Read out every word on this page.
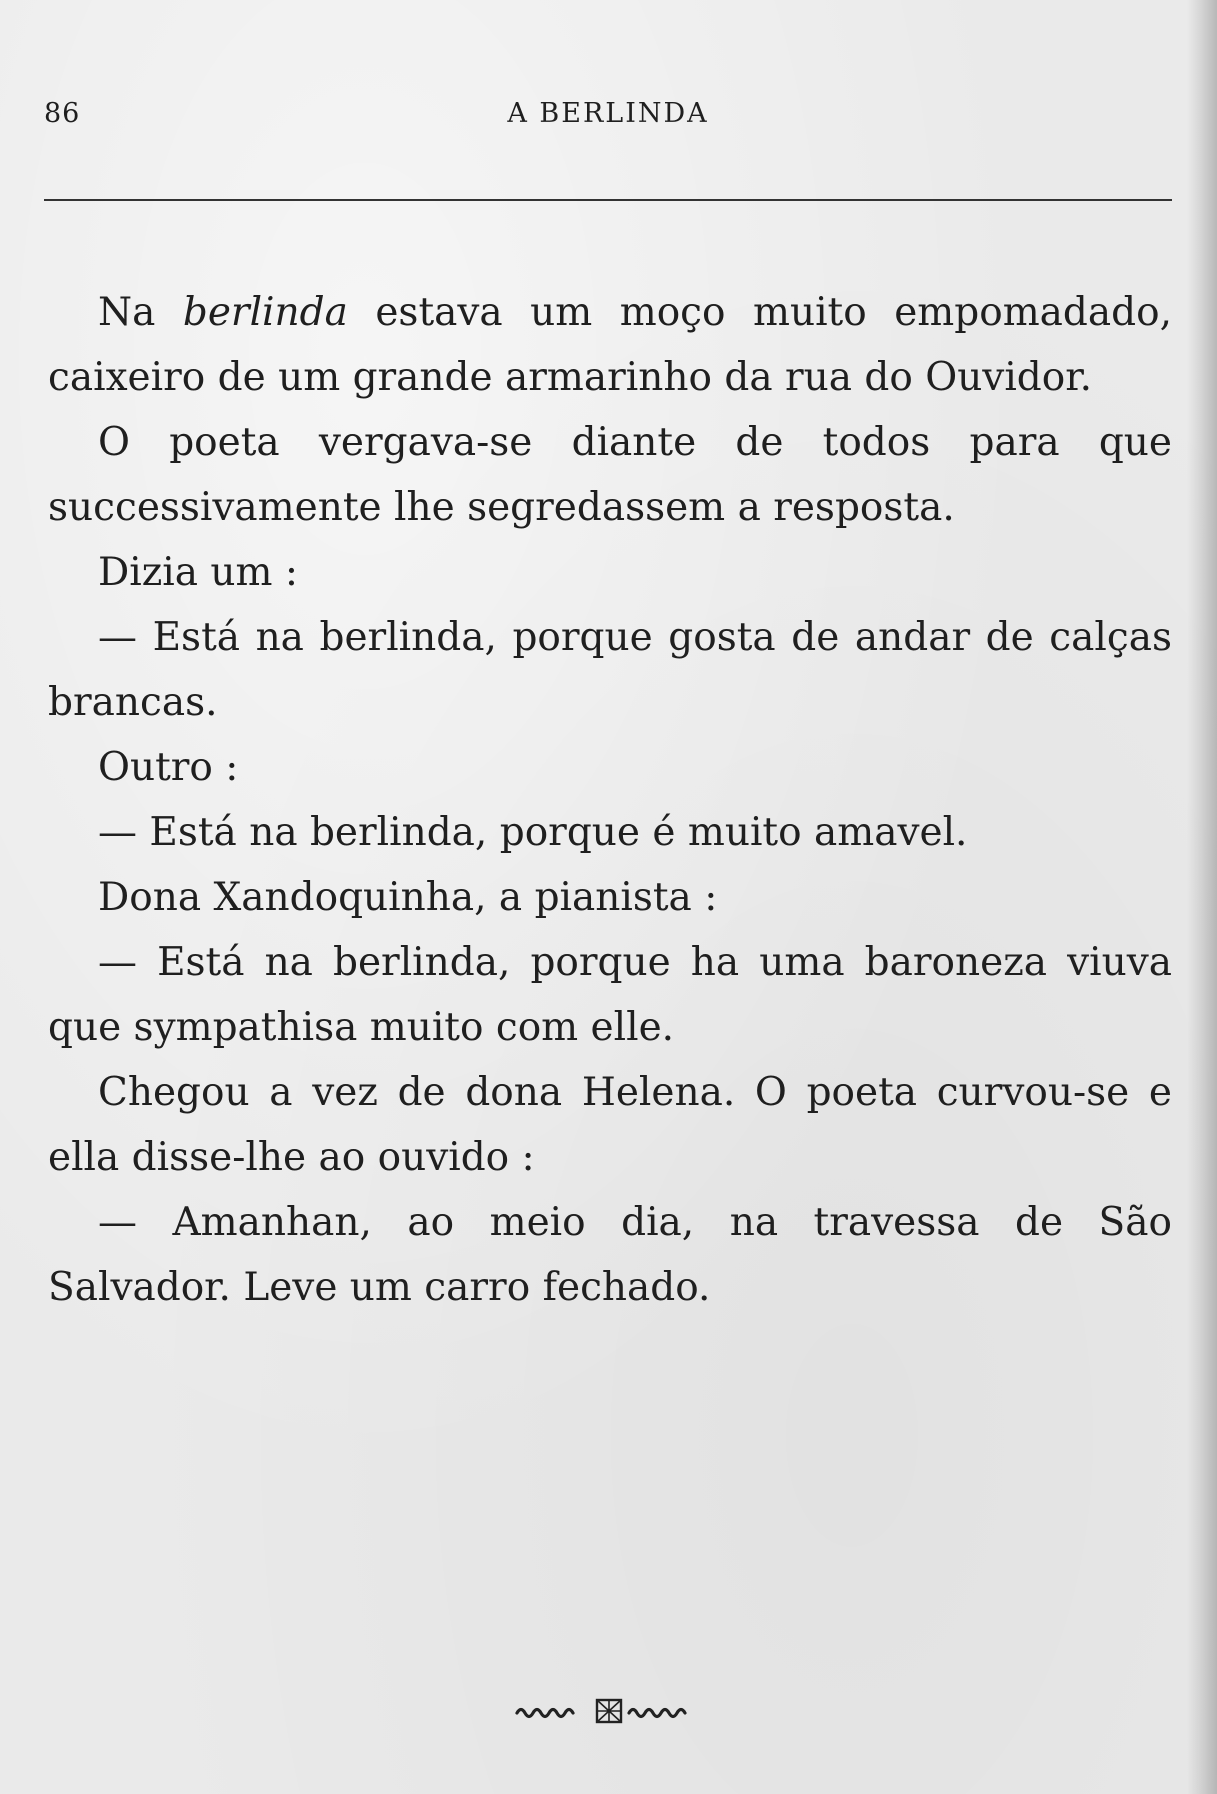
86	A BERLINDA

Na berlinda estava um moço muito empomadado, caixeiro de um grande armarinho da rua do Ouvidor.

O poeta vergava-se diante de todos para que successivamente lhe segredassem a resposta.

Dizia um :

— Está na berlinda, porque gosta de andar de calças brancas.

Outro :

— Está na berlinda, porque é muito amavel.

Dona Xandoquinha, a pianista :

— Está na berlinda, porque ha uma baroneza viuva que sympathisa muito com elle.

Chegou a vez de dona Helena. O poeta curvou-se e ella disse-lhe ao ouvido :

— Amanhan, ao meio dia, na travessa de São Salvador. Leve um carro fechado.
